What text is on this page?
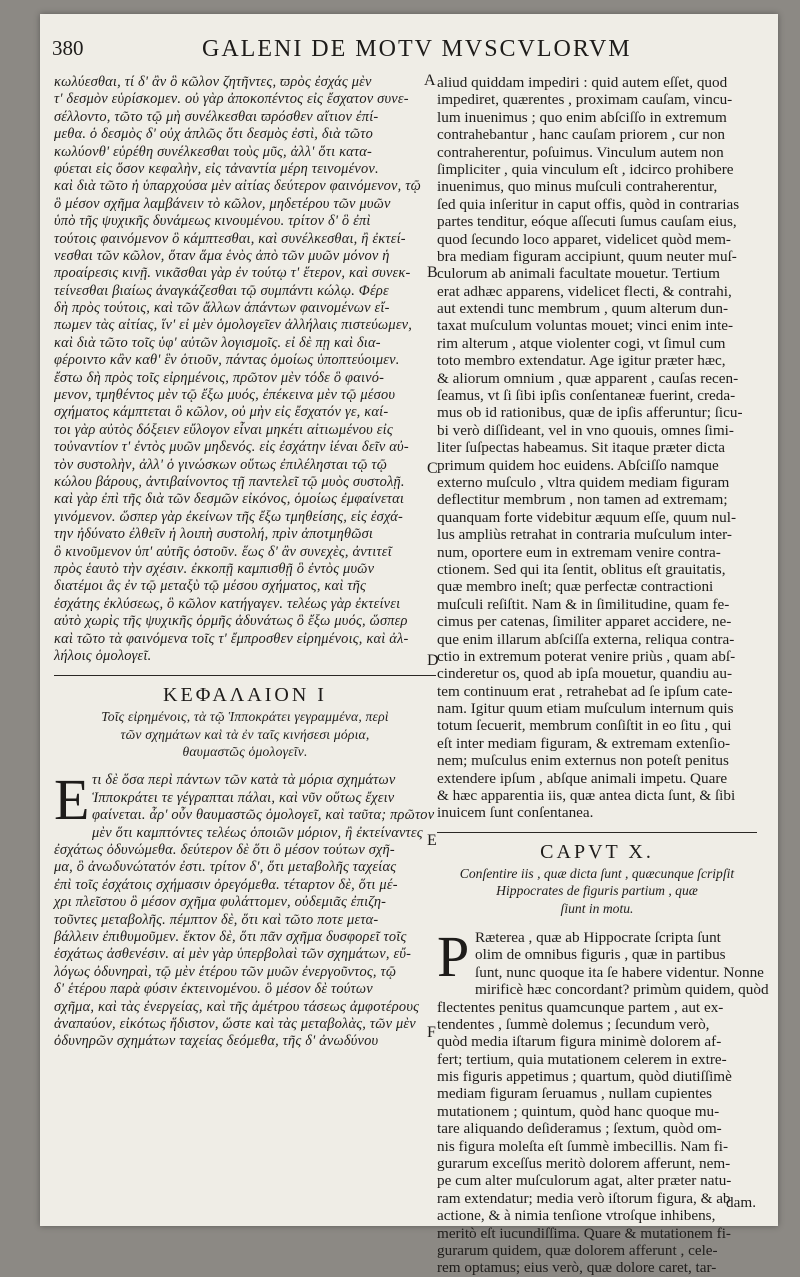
380	GALENI DE MOTV MVSCVLORVM
A
B
C
D
E
F
κωλύεσθαι, τί δ' ἂν ὃ κῶλον ζητῆντες, ϖρὸς ἐσχάς μὲν
τ' δεσμὸν εὑρίσκομεν. οὐ γὰρ ἀποκοπέντος εἰς ἔσχατον συνε-
σέλλοντο, τῶτο τῷ μὴ συνέλκεσθαι ϖρόσθεν αἴτιον ἐπί-
μεθα. ὁ δεσμὸς δ' οὐχ ἁπλῶς ὅτι δεσμὸς ἐστὶ, διὰ τῶτο
κωλύονθ' εὑρέθη συνέλκεσθαι τοὺς μῦς, ἀλλ' ὅτι κατα-
φύεται εἰς ὅσον κεφαλὴν, εἰς τἀναντία μέρη τεινομένον.
καὶ διὰ τῶτο ἡ ὑπαρχούσα μὲν αἰτίας δεύτερον φαινόμενον, τῷ
ὃ μέσον σχῆμα λαμβάνειν τὸ κῶλον, μηδετέρου τῶν μυῶν
ὑπὸ τῆς ψυχικῆς δυνάμεως κινουμένου. τρίτον δ' ὃ ἐπὶ
τούτοις φαινόμενον ὃ κάμπτεσθαι, καὶ συνέλκεσθαι, ἢ ἐκτεί-
νεσθαι τῶν κῶλον, ὅταν ἅμα ἑνὸς ἀπὸ τῶν μυῶν μόνον ἡ
προαίρεσις κινῇ. νικᾶσθαι γὰρ ἐν τούτῳ τ' ἕτερον, καὶ συνεκ-
τείνεσθαι βιαίως ἀναγκάζεσθαι τῷ συμπάντι κώλῳ. Φέρε
δὴ πρὸς τούτοις, καὶ τῶν ἄλλων ἁπάντων φαινομένων εἴ-
πωμεν τὰς αἰτίας, ἵν' εἰ μὲν ὁμολογεῖεν ἀλλήλαις πιστεύωμεν,
καὶ διὰ τῶτο τοῖς ὑφ' αὐτῶν λογισμοῖς. εἰ δὲ πῃ καὶ δια-
φέροιντο κἂν καθ' ἓν ὁτιοῦν, πάντας ὁμοίως ὑποπτεύοιμεν.
ἔστω δὴ πρὸς τοῖς εἰρημένοις, πρῶτον μὲν τόδε ὃ φαινό-
μενον, τμηθέντος μὲν τῷ ἔξω μυός, ἐπέκεινα μὲν τῷ μέσου
σχήματος κάμπτεται ὃ κῶλον, οὐ μὴν εἰς ἔσχατόν γε, καί-
τοι γὰρ αὐτὸς δόξειεν εὔλογον εἶναι μηκέτι αἰτιωμένου εἰς
τοὐναντίον τ' ἐντὸς μυῶν μηδενός. εἰς ἐσχάτην ἰέναι δεῖν αὐ-
τὸν συστολὴν, ἀλλ' ὁ γινώσκων οὕτως ἐπιλέλησται τῷ τῷ
κώλου βάρους, ἀντιβαίνοντος τῇ παντελεῖ τῷ μυὸς συστολῇ.
καὶ γὰρ ἐπὶ τῆς διὰ τῶν δεσμῶν εἰκόνος, ὁμοίως ἐμφαίνεται
γινόμενον. ὥσπερ γὰρ ἐκείνων τῆς ἔξω τμηθείσης, εἰς ἐσχά-
την ἠδύνατο ἐλθεῖν ἡ λοιπὴ συστολή, πρὶν ἀποτμηθῶσι
ὃ κινοῦμενον ὑπ' αὐτῆς ὀστοῦν. ἕως δ' ἂν συνεχὲς, ἀντιτεῖ
πρὸς ἑαυτὸ τὴν σχέσιν. ἐκκοπῇ καμπισθῇ ὃ ἐντὸς μυῶν
διατέμοι ἂς ἐν τῷ μεταξὺ τῷ μέσου σχήματος, καὶ τῆς
ἐσχάτης ἐκλύσεως, ὃ κῶλον κατήγαγεν. τελέως γὰρ ἐκτείνει
αὐτὸ χωρὶς τῆς ψυχικῆς ὁρμῆς ἀδυνάτως ὃ ἔξω μυός, ὥσπερ
καὶ τῶτο τὰ φαινόμενα τοῖς τ' ἔμπροσθεν εἰρημένοις, καὶ ἀλ-
λήλοις ὁμολογεῖ.
ΚΕΦΑΛΑΙΟΝ Ι
Τοῖς εἰρημένοις, τὰ τῷ Ἱπποκράτει γεγραμμένα, περὶ
τῶν σχημάτων καὶ τὰ ἐν ταῖς κινήσεσι μόρια,
θαυμαστῶς ὁμολογεῖν.
E τι δὲ ὅσα περὶ πάντων τῶν κατὰ τὰ μόρια σχημάτων
Ἱπποκράτει τε γέγραπται πάλαι, καὶ νῦν οὕτως ἔχειν
φαίνεται. ἆρ' οὖν θαυμαστῶς ὁμολογεῖ, καὶ ταῦτα; πρῶτον
μὲν ὅτι καμπτόντες τελέως ὁποιῶν μόριον, ἢ ἐκτείναντες
ἐσχάτως ὀδυνώμεθα. δεύτερον δὲ ὅτι ὃ μέσον τούτων σχῆ-
μα, ὃ ἀνωδυνώτατόν ἐστι. τρίτον δ', ὅτι μεταβολῆς ταχείας
ἐπὶ τοῖς ἐσχάτοις σχήμασιν ὀρεγόμεθα. τέταρτον δὲ, ὅτι μέ-
χρι πλεῖστου ὃ μέσον σχῆμα φυλάττομεν, οὐδεμιᾶς ἐπιζη-
τοῦντες μεταβολῆς. πέμπτον δὲ, ὅτι καὶ τῶτο ποτε μετα-
βάλλειν ἐπιθυμοῦμεν. ἕκτον δὲ, ὅτι πᾶν σχῆμα δυσφορεῖ τοῖς
ἐσχάτως ἀσθενέσιν. αἱ μὲν γὰρ ὑπερβολαὶ τῶν σχημάτων, εὔ-
λόγως ὀδυνηραὶ, τῷ μὲν ἑτέρου τῶν μυῶν ἐνεργοῦντος, τῷ
δ' ἑτέρου παρὰ φύσιν ἐκτεινομένου. ὃ μέσον δὲ τούτων
σχῆμα, καὶ τὰς ἐνεργείας, καὶ τῆς ἀμέτρου τάσεως ἀμφοτέρους
ἀναπαύον, εἰκότως ἥδιστον, ὥστε καὶ τὰς μεταβολὰς, τῶν μὲν
ὀδυνηρῶν σχημάτων ταχείας δεόμεθα, τῆς δ' ἀνωδύνου
aliud quiddam impediri : quid autem eſſet, quod
impediret, quærentes , proximam cauſam, vincu-
lum inuenimus ; quo enim abſciſſo in extremum
contrahebantur , hanc cauſam priorem , cur non
contraherentur, poſuimus. Vinculum autem non
ſimpliciter , quia vinculum eſt , idcirco prohibere
inuenimus, quo minus muſculi contraherentur,
ſed quia inſeritur in caput offis, quòd in contrarias
partes tenditur, eóque aſſecuti ſumus cauſam eius,
quod ſecundo loco apparet, videlicet quòd mem-
bra mediam figuram accipiunt, quum neuter muſ-
culorum ab animali facultate mouetur. Tertium
erat adhæc apparens, videlicet flecti, & contrahi,
aut extendi tunc membrum , quum alterum dun-
taxat muſculum voluntas mouet; vinci enim inte-
rim alterum , atque violenter cogi, vt ſimul cum
toto membro extendatur. Age igitur præter hæc,
& aliorum omnium , quæ apparent , cauſas recen-
ſeamus, vt ſi ſibi ipſis conſentaneæ fuerint, creda-
mus ob id rationibus, quæ de ipſis afferuntur; ſicu-
bi verò diſſideant, vel in vno quouis, omnes ſimi-
liter ſuſpectas habeamus. Sit itaque præter dicta
primum quidem hoc euidens. Abſciſſo namque
externo muſculo , vltra quidem mediam figuram
deflectitur membrum , non tamen ad extremam;
quanquam forte videbitur æquum eſſe, quum nul-
lus ampliùs retrahat in contraria muſculum inter-
num, oportere eum in extremam venire contra-
ctionem. Sed qui ita ſentit, oblitus eſt grauitatis,
quæ membro ineſt; quæ perfectæ contractioni
muſculi reſiſtit. Nam & in ſimilitudine, quam fe-
cimus per catenas, ſimiliter apparet accidere, ne-
que enim illarum abſciſſa externa, reliqua contra-
ctio in extremum poterat venire priùs , quam abſ-
cinderetur os, quod ab ipſa mouetur, quandiu au-
tem continuum erat , retrahebat ad ſe ipſum cate-
nam. Igitur quum etiam muſculum internum quis
totum ſecuerit, membrum conſiſtit in eo ſitu , qui
eſt inter mediam figuram, & extremam extenſio-
nem; muſculus enim externus non poteſt penitus
extendere ipſum , abſque animali impetu. Quare
& hæc apparentia iis, quæ antea dicta ſunt, & ſibi
inuicem ſunt conſentanea.
CAPVT X.
Conſentire iis , quæ dicta ſunt , quæcunque ſcripſit
Hippocrates de figuris partium , quæ
ſiunt in motu.
P Ræterea , quæ ab Hippocrate ſcripta ſunt
olim de omnibus figuris , quæ in partibus
ſunt, nunc quoque ita ſe habere videntur. Nonne
mirificè hæc concordant? primùm quidem, quòd
flectentes penitus quamcunque partem , aut ex-
tendentes , ſummè dolemus ; ſecundum verò,
quòd media iſtarum figura minimè dolorem af-
fert; tertium, quia mutationem celerem in extre-
mis figuris appetimus ; quartum, quòd diutiſſimè
mediam figuram ſeruamus , nullam cupientes
mutationem ; quintum, quòd hanc quoque mu-
tare aliquando deſideramus ; ſextum, quòd om-
nis figura moleſta eſt ſummè imbecillis. Nam fi-
gurarum exceſſus meritò dolorem afferunt, nem-
pe cum alter muſculorum agat, alter præter natu-
ram extendatur; media verò iſtorum figura, & ab
actione, & à nimia tenſione vtroſque inhibens,
meritò eſt iucundiſſima. Quare & mutationem fi-
gurarum quidem, quæ dolorem afferunt , cele-
rem optamus; eius verò, quæ dolore caret, tar-
dam.
